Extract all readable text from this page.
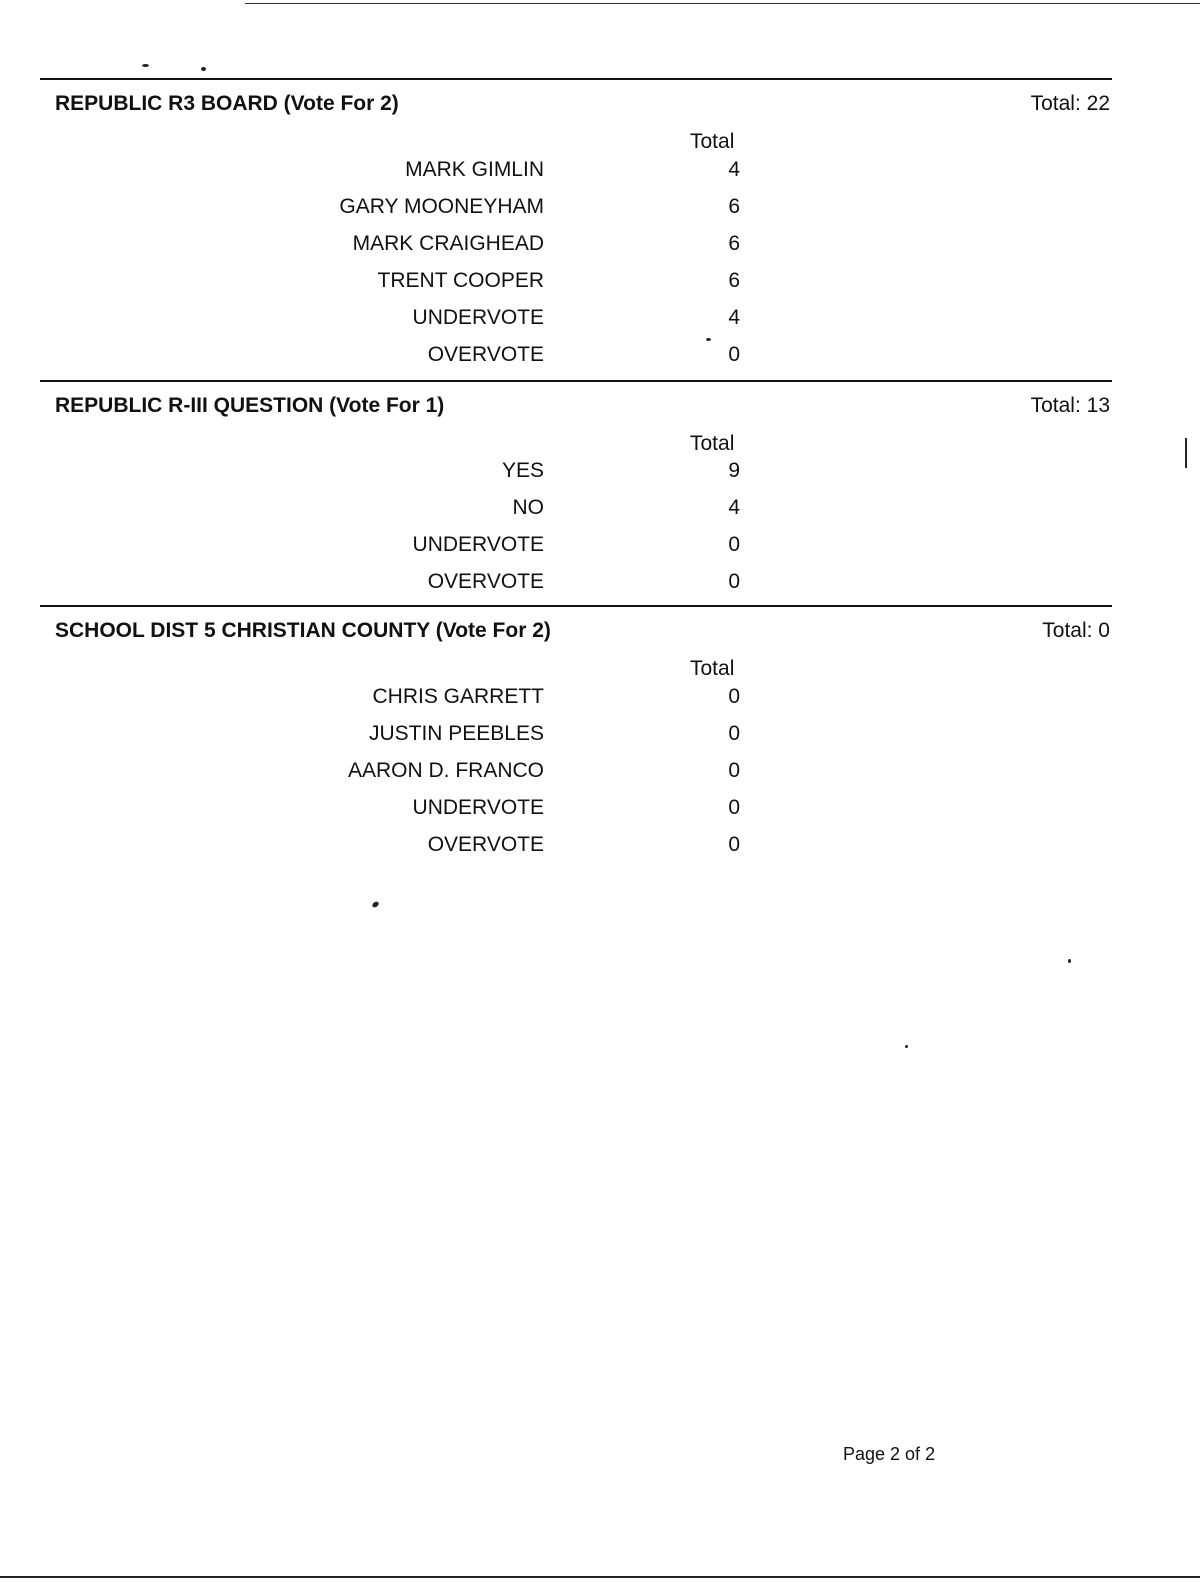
REPUBLIC R3 BOARD (Vote For 2)	Total: 22
Total
MARK GIMLIN	4
GARY MOONEYHAM	6
MARK CRAIGHEAD	6
TRENT COOPER	6
UNDERVOTE	4
OVERVOTE	0
REPUBLIC R-III QUESTION (Vote For 1)	Total: 13
Total
YES	9
NO	4
UNDERVOTE	0
OVERVOTE	0
SCHOOL DIST 5 CHRISTIAN COUNTY (Vote For 2)	Total: 0
Total
CHRIS GARRETT	0
JUSTIN PEEBLES	0
AARON D. FRANCO	0
UNDERVOTE	0
OVERVOTE	0
Page 2 of 2
